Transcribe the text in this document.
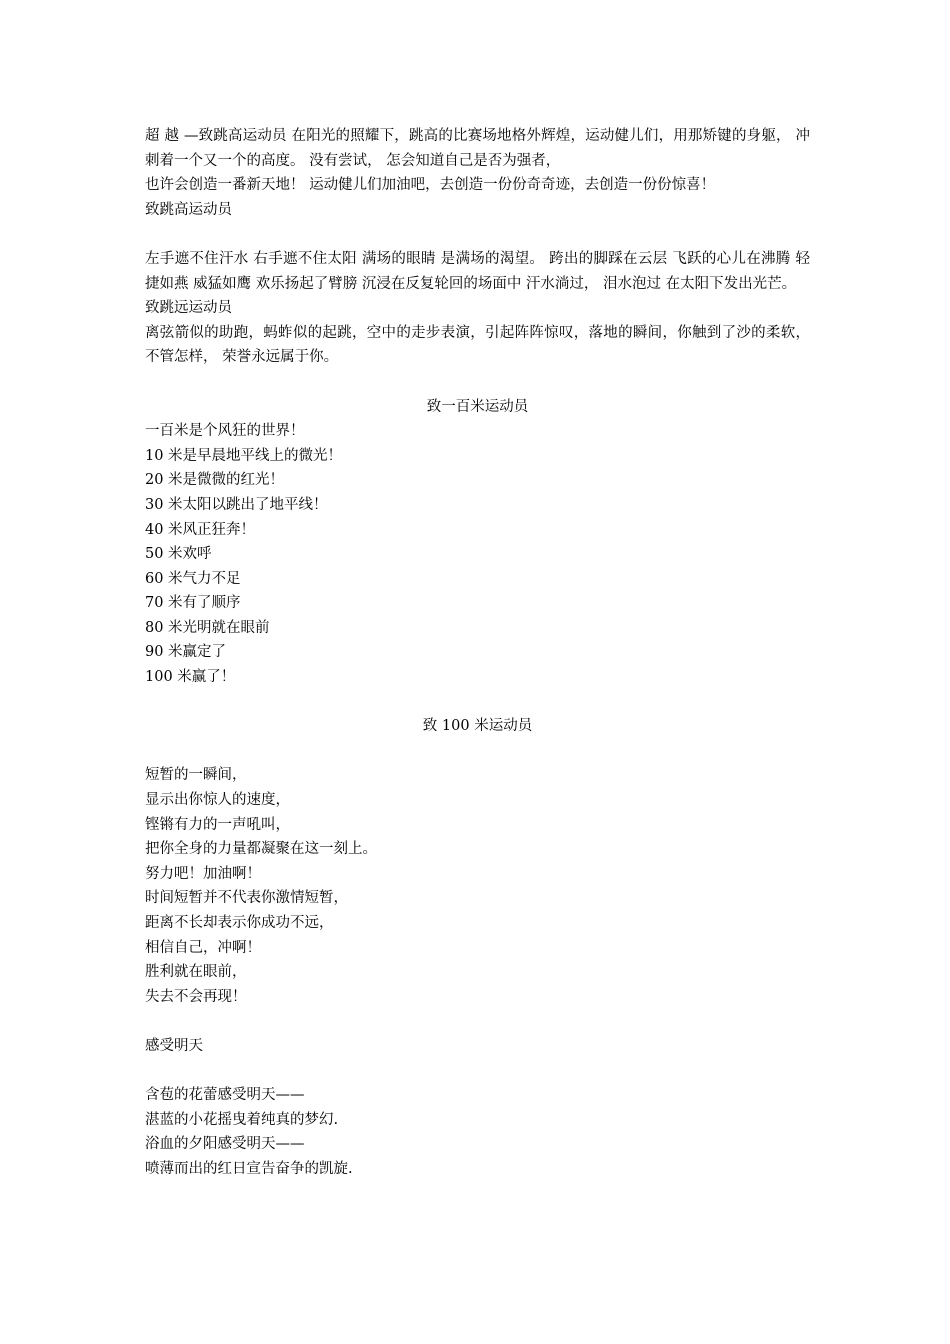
超 越 —致跳高运动员 在阳光的照耀下，跳高的比赛场地格外辉煌，运动健儿们，用那矫键的身躯， 冲刺着一个又一个的高度。 没有尝试， 怎会知道自己是否为强者，

也许会创造一番新天地！ 运动健儿们加油吧，去创造一份份奇奇迹，去创造一份份惊喜！
致跳高运动员

左手遮不住汗水 右手遮不住太阳 满场的眼睛 是满场的渴望。 跨出的脚踩在云层 飞跃的心儿在沸腾 轻捷如燕 威猛如鹰 欢乐扬起了臂膀 沉浸在反复轮回的场面中 汗水淌过， 泪水泡过 在太阳下发出光芒。

致跳远运动员

离弦箭似的助跑，蚂蚱似的起跳，空中的走步表演，引起阵阵惊叹，落地的瞬间，你触到了沙的柔软， 不管怎样， 荣誉永远属于你。

致一百米运动员
一百米是个风狂的世界！
10 米是早晨地平线上的微光！
20 米是微微的红光！
30 米太阳以跳出了地平线！
40 米风正狂奔！
50 米欢呼
60 米气力不足
70 米有了顺序
80 米光明就在眼前
90 米赢定了
100 米赢了！
致 100 米运动员
短暂的一瞬间，
显示出你惊人的速度，
铿锵有力的一声吼叫，
把你全身的力量都凝聚在这一刻上。
努力吧！加油啊！
时间短暂并不代表你激情短暂，
距离不长却表示你成功不远，
相信自己，冲啊！
胜利就在眼前，
失去不会再现！
感受明天
含苞的花蕾感受明天——
湛蓝的小花摇曳着纯真的梦幻.
浴血的夕阳感受明天——
喷薄而出的红日宣告奋争的凯旋.
